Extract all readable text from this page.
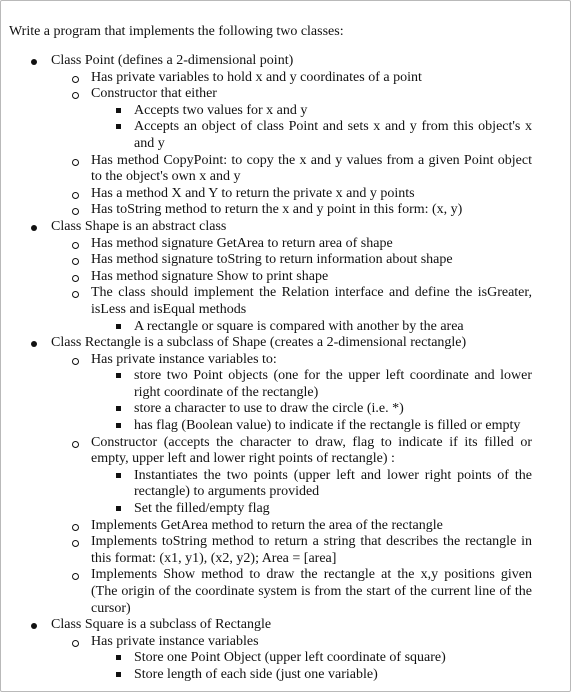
Write a program that implements the following two classes:

Class Point (defines a 2-dimensional point)
Has private variables to hold x and y coordinates of a point
Constructor that either
Accepts two values for x and y
Accepts an object of class Point and sets x and y from this object's x and y
Has method CopyPoint: to copy the x and y values from a given Point object to the object's own x and y
Has a method X and Y to return the private x and y points
Has toString method to return the x and y point in this form: (x, y)
Class Shape is an abstract class
Has method signature GetArea to return area of shape
Has method signature toString to return information about shape
Has method signature Show to print shape
The class should implement the Relation interface and define the isGreater, isLess and isEqual methods
A rectangle or square is compared with another by the area
Class Rectangle is a subclass of Shape (creates a 2-dimensional rectangle)
Has private instance variables to:
store two Point objects (one for the upper left coordinate and lower right coordinate of the rectangle)
store a character to use to draw the circle (i.e. *)
has flag (Boolean value) to indicate if the rectangle is filled or empty
Constructor (accepts the character to draw, flag to indicate if its filled or empty, upper left and lower right points of rectangle) :
Instantiates the two points (upper left and lower right points of the rectangle) to arguments provided
Set the filled/empty flag
Implements GetArea method to return the area of the rectangle
Implements toString method to return a string that describes the rectangle in this format: (x1, y1), (x2, y2); Area = [area]
Implements Show method to draw the rectangle at the x,y positions given (The origin of the coordinate system is from the start of the current line of the cursor)
Class Square is a subclass of Rectangle
Has private instance variables
Store one Point Object (upper left coordinate of square)
Store length of each side (just one variable)
